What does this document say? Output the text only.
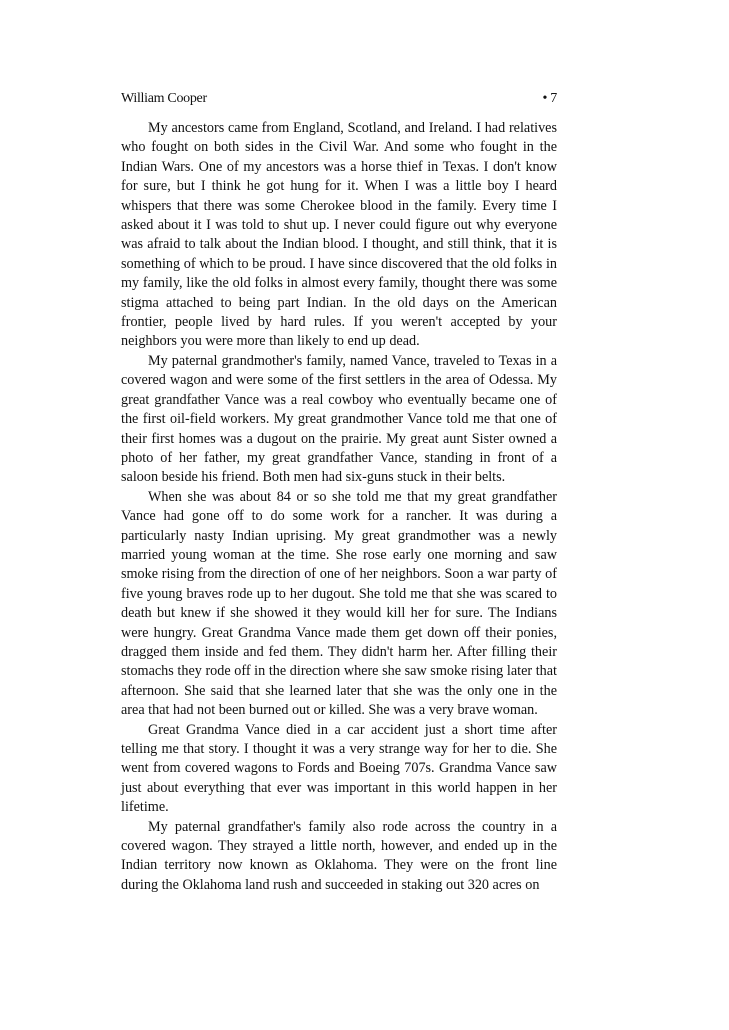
William Cooper	• 7

My ancestors came from England, Scotland, and Ireland. I had relatives who fought on both sides in the Civil War. And some who fought in the Indian Wars. One of my ancestors was a horse thief in Texas. I don't know for sure, but I think he got hung for it. When I was a little boy I heard whispers that there was some Cherokee blood in the family. Every time I asked about it I was told to shut up. I never could figure out why everyone was afraid to talk about the Indian blood. I thought, and still think, that it is something of which to be proud. I have since discovered that the old folks in my family, like the old folks in almost every family, thought there was some stigma attached to being part Indian. In the old days on the American frontier, people lived by hard rules. If you weren't accepted by your neighbors you were more than likely to end up dead.

My paternal grandmother's family, named Vance, traveled to Texas in a covered wagon and were some of the first settlers in the area of Odessa. My great grandfather Vance was a real cowboy who eventually became one of the first oil-field workers. My great grandmother Vance told me that one of their first homes was a dugout on the prairie. My great aunt Sister owned a photo of her father, my great grandfather Vance, standing in front of a saloon beside his friend. Both men had six-guns stuck in their belts.

When she was about 84 or so she told me that my great grandfather Vance had gone off to do some work for a rancher. It was during a particularly nasty Indian uprising. My great grandmother was a newly married young woman at the time. She rose early one morning and saw smoke rising from the direction of one of her neighbors. Soon a war party of five young braves rode up to her dugout. She told me that she was scared to death but knew if she showed it they would kill her for sure. The Indians were hungry. Great Grandma Vance made them get down off their ponies, dragged them inside and fed them. They didn't harm her. After filling their stomachs they rode off in the direction where she saw smoke rising later that afternoon. She said that she learned later that she was the only one in the area that had not been burned out or killed. She was a very brave woman.

Great Grandma Vance died in a car accident just a short time after telling me that story. I thought it was a very strange way for her to die. She went from covered wagons to Fords and Boeing 707s. Grandma Vance saw just about everything that ever was important in this world happen in her lifetime.

My paternal grandfather's family also rode across the country in a covered wagon. They strayed a little north, however, and ended up in the Indian territory now known as Oklahoma. They were on the front line during the Oklahoma land rush and succeeded in staking out 320 acres on
